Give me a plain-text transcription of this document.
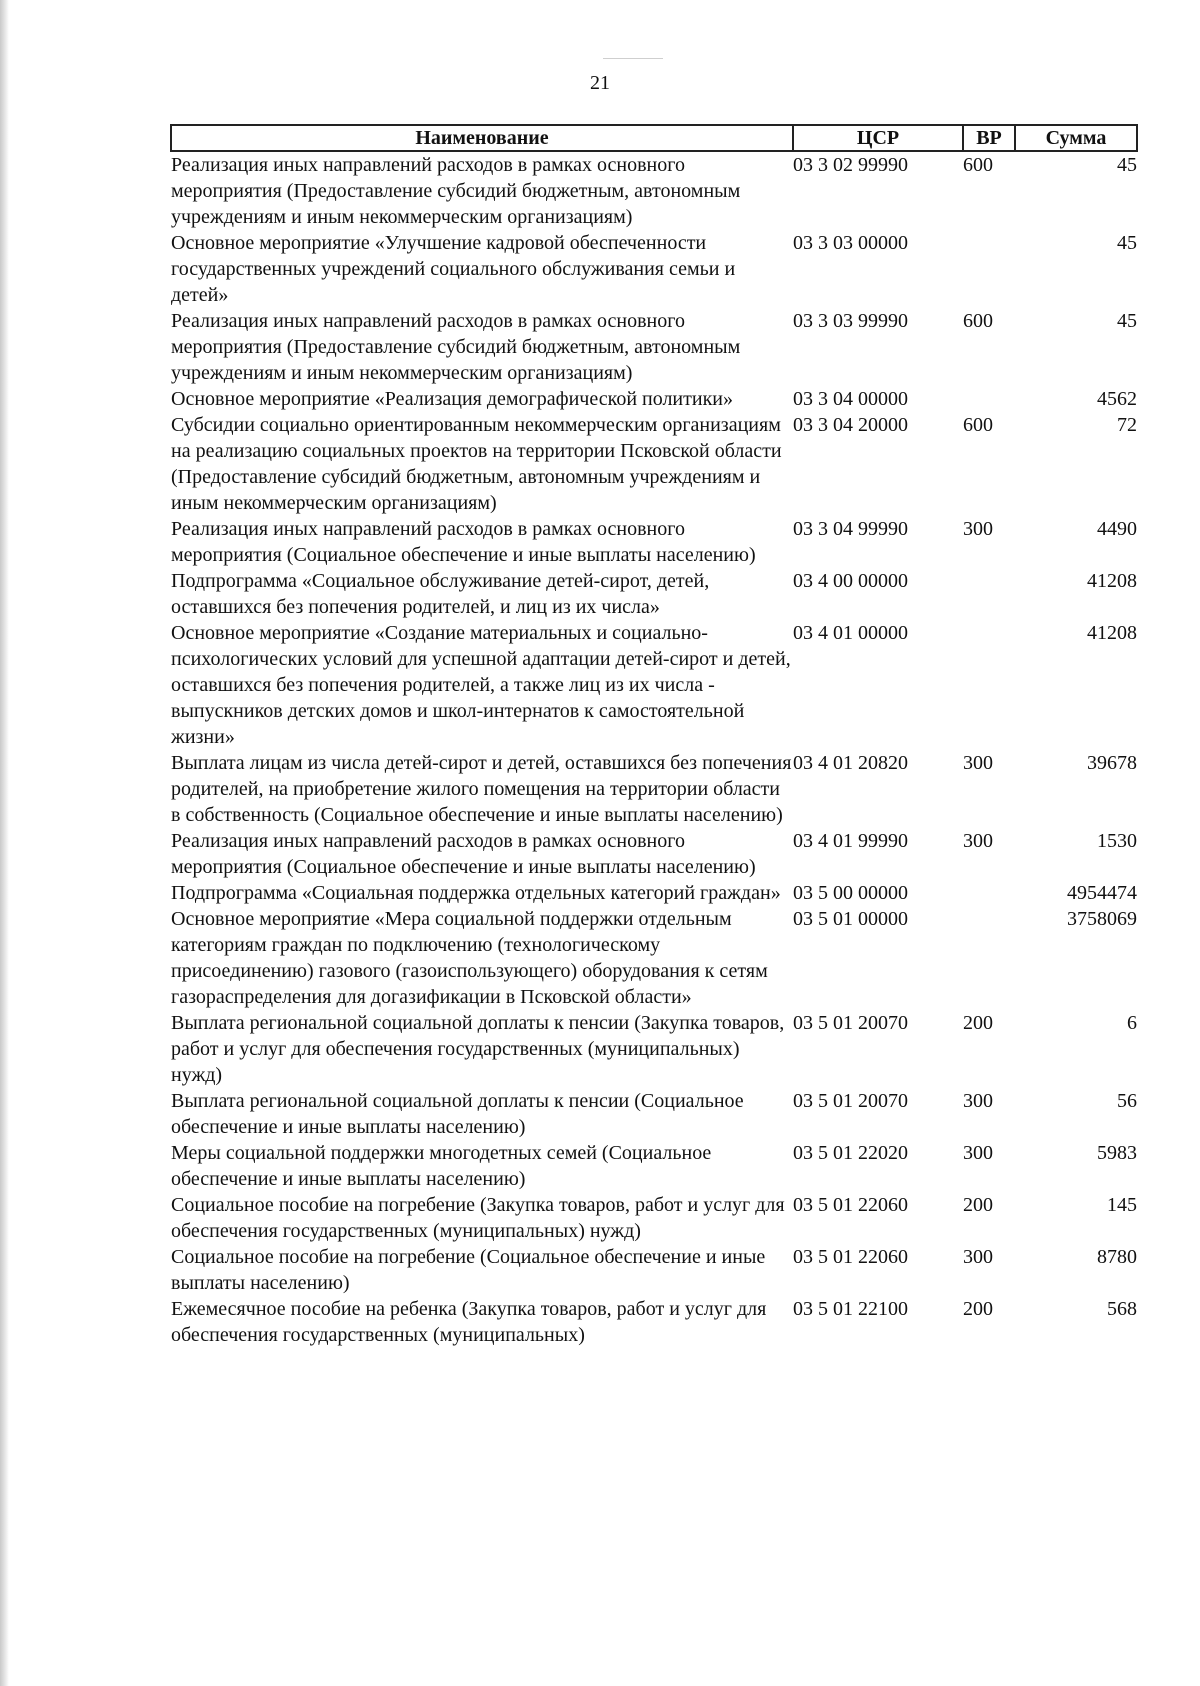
21
Наименование	ЦСР	ВР	Сумма
Реализация иных направлений расходов в рамках основного мероприятия (Предоставление субсидий бюджетным, автономным учреждениям и иным некоммерческим организациям)	03 3 02 99990	600	45
Основное мероприятие «Улучшение кадровой обеспеченности государственных учреждений социального обслуживания семьи и детей»	03 3 03 00000		45
Реализация иных направлений расходов в рамках основного мероприятия (Предоставление субсидий бюджетным, автономным учреждениям и иным некоммерческим организациям)	03 3 03 99990	600	45
Основное мероприятие «Реализация демографической политики»	03 3 04 00000		4562
Субсидии социально ориентированным некоммерческим организациям на реализацию социальных проектов на территории Псковской области (Предоставление субсидий бюджетным, автономным учреждениям и иным некоммерческим организациям)	03 3 04 20000	600	72
Реализация иных направлений расходов в рамках основного мероприятия (Социальное обеспечение и иные выплаты населению)	03 3 04 99990	300	4490
Подпрограмма «Социальное обслуживание детей-сирот, детей, оставшихся без попечения родителей, и лиц из их числа»	03 4 00 00000		41208
Основное мероприятие «Создание материальных и социально-психологических условий для успешной адаптации детей-сирот и детей, оставшихся без попечения родителей, а также лиц из их числа - выпускников детских домов и школ-интернатов к самостоятельной жизни»	03 4 01 00000		41208
Выплата лицам из числа детей-сирот и детей, оставшихся без попечения родителей, на приобретение жилого помещения на территории области в собственность (Социальное обеспечение и иные выплаты населению)	03 4 01 20820	300	39678
Реализация иных направлений расходов в рамках основного мероприятия (Социальное обеспечение и иные выплаты населению)	03 4 01 99990	300	1530
Подпрограмма «Социальная поддержка отдельных категорий граждан»	03 5 00 00000		4954474
Основное мероприятие «Мера социальной поддержки отдельным категориям граждан по подключению (технологическому присоединению) газового (газоиспользующего) оборудования к сетям газораспределения для догазификации в Псковской области»	03 5 01 00000		3758069
Выплата региональной социальной доплаты к пенсии (Закупка товаров, работ и услуг для обеспечения государственных (муниципальных) нужд)	03 5 01 20070	200	6
Выплата региональной социальной доплаты к пенсии (Социальное обеспечение и иные выплаты населению)	03 5 01 20070	300	56
Меры социальной поддержки многодетных семей (Социальное обеспечение и иные выплаты населению)	03 5 01 22020	300	5983
Социальное пособие на погребение (Закупка товаров, работ и услуг для обеспечения государственных (муниципальных) нужд)	03 5 01 22060	200	145
Социальное пособие на погребение (Социальное обеспечение и иные выплаты населению)	03 5 01 22060	300	8780
Ежемесячное пособие на ребенка (Закупка товаров, работ и услуг для обеспечения государственных (муниципальных)	03 5 01 22100	200	568
